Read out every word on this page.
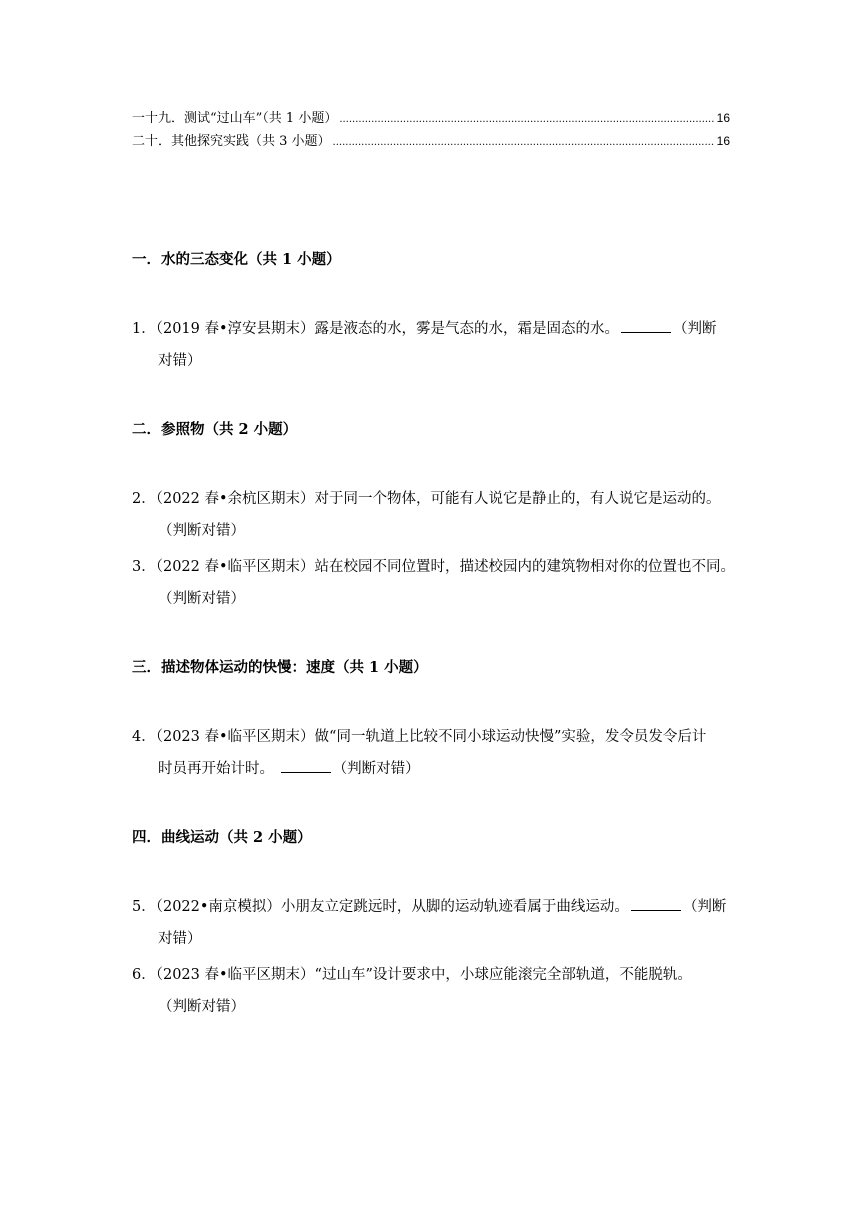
一十九．测试“过山车”（共 1 小题） .....	16
二十．其他探究实践（共 3 小题） .....	16
一．水的三态变化（共 1 小题）
1．（2019 春•淳安县期末）露是液态的水，雾是气态的水，霜是固态的水。	（判断
对错）
二．参照物（共 2 小题）
2．（2022 春•余杭区期末）对于同一个物体，可能有人说它是静止的，有人说它是运动的。
（判断对错）
3．（2022 春•临平区期末）站在校园不同位置时，描述校园内的建筑物相对你的位置也不同。
（判断对错）
三．描述物体运动的快慢：速度（共 1 小题）
4．（2023 春•临平区期末）做“同一轨道上比较不同小球运动快慢”实验，发令员发令后计
时员再开始计时。	（判断对错）
四．曲线运动（共 2 小题）
5．（2022•南京模拟）小朋友立定跳远时，从脚的运动轨迹看属于曲线运动。	（判断
对错）
6．（2023 春•临平区期末）“过山车”设计要求中，小球应能滚完全部轨道，不能脱轨。
（判断对错）
